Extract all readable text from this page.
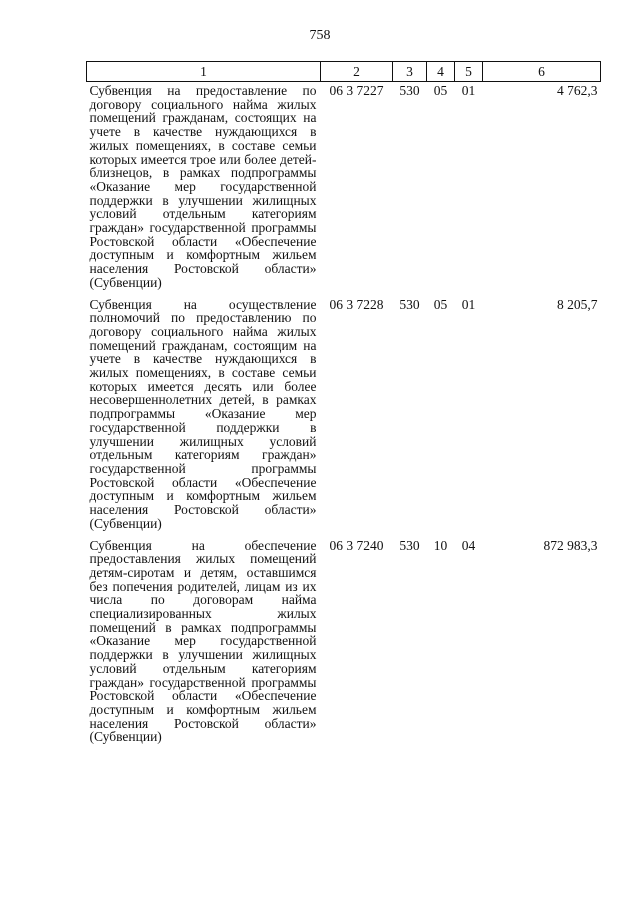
758
1	2	3	4	5	6
Субвенция на предоставление по договору социального найма жилых помещений гражданам, состоящих на учете в качестве нуждающихся в жилых помещениях, в составе семьи которых имеется трое или более детей-близнецов, в рамках подпрограммы «Оказание мер государственной поддержки в улучшении жилищных условий отдельным категориям граждан» государственной программы Ростовской области «Обеспечение доступным и комфортным жильем населения Ростовской области» (Субвенции)	06 3 7227	530	05	01	4 762,3
Субвенция на осуществление полномочий по предоставлению по договору социального найма жилых помещений гражданам, состоящим на учете в качестве нуждающихся в жилых помещениях, в составе семьи которых имеется десять или более несовершеннолетних детей, в рамках подпрограммы «Оказание мер государственной поддержки в улучшении жилищных условий отдельным категориям граждан» государственной программы Ростовской области «Обеспечение доступным и комфортным жильем населения Ростовской области» (Субвенции)	06 3 7228	530	05	01	8 205,7
Субвенция на обеспечение предоставления жилых помещений детям-сиротам и детям, оставшимся без попечения родителей, лицам из их числа по договорам найма специализированных жилых помещений в рамках подпрограммы «Оказание мер государственной поддержки в улучшении жилищных условий отдельным категориям граждан» государственной программы Ростовской области «Обеспечение доступным и комфортным жильем населения Ростовской области» (Субвенции)	06 3 7240	530	10	04	872 983,3
